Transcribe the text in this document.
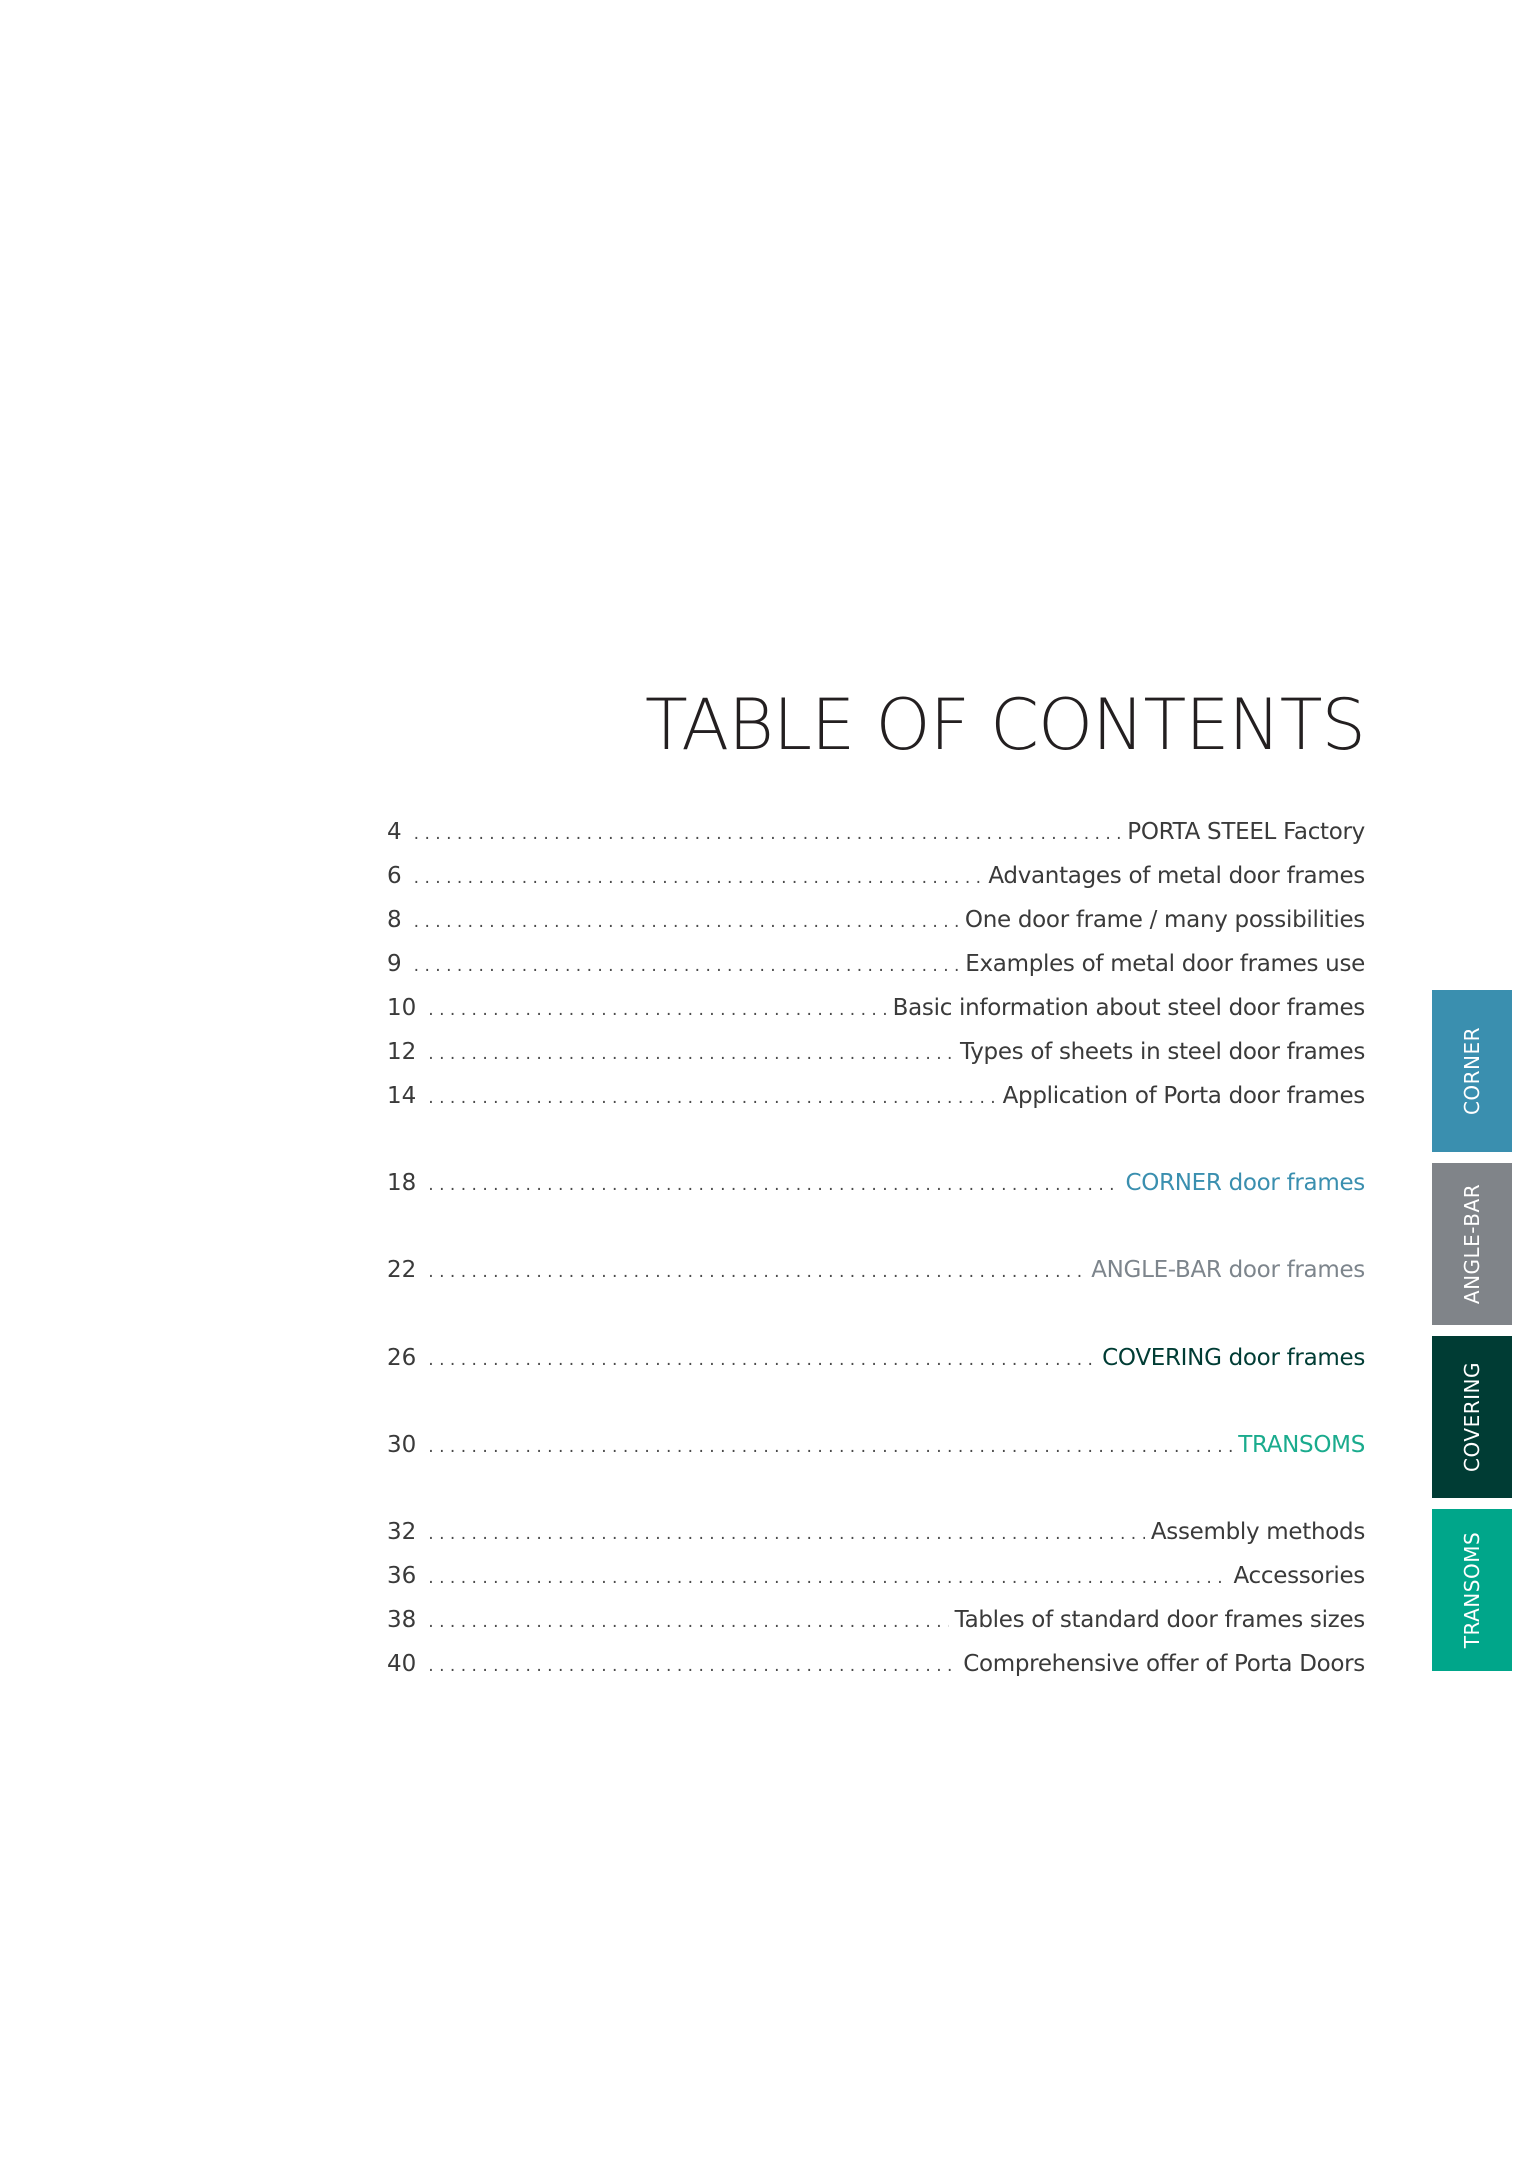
TABLE OF CONTENTS
4 . . .	PORTA STEEL Factory
6 . . .	Advantages of metal door frames
8 . . .	One door frame / many possibilities
9 . . .	Examples of metal door frames use
10 . . .	Basic information about steel door frames
12 . . .	Types of sheets in steel door frames
14 . . .	Application of Porta door frames
18 . . .	CORNER door frames
22 . . .	ANGLE-BAR door frames
26 . . .	COVERING door frames
30 . . .	TRANSOMS
32 . . .	Assembly methods
36 . . .	Accessories
38 . . .	Tables of standard door frames sizes
40 . . .	Comprehensive offer of Porta Doors
CORNER
ANGLE-BAR
COVERING
TRANSOMS
